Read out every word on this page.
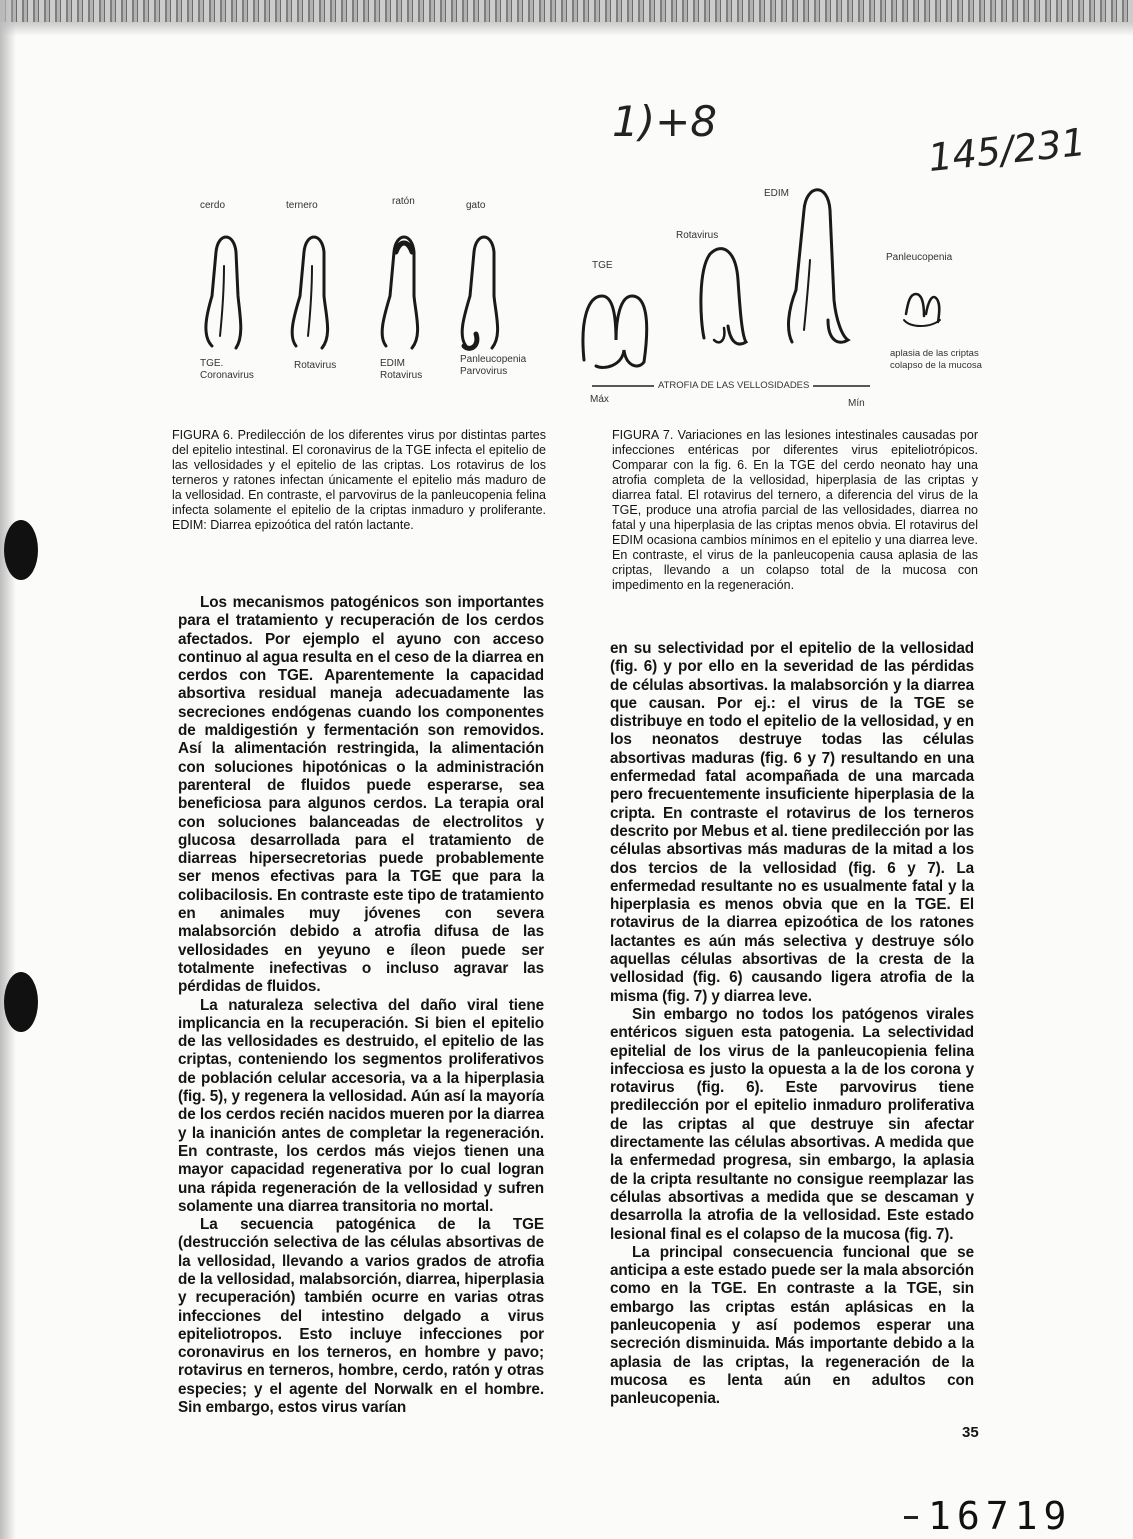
1)+8	145/231
cerdo	ternero	ratón	gato
TGE.
Coronavirus
Rotavirus	EDIM
Rotavirus
Panleucopenia
Parvovirus
EDIM
Rotavirus
TGE
Panleucopenia
aplasia de las criptas
colapso de la mucosa
ATROFIA DE LAS VELLOSIDADES
Máx	Mín
FIGURA 6. Predilección de los diferentes virus por distintas partes del epitelio intestinal. El coronavirus de la TGE infecta el epitelio de las vellosidades y el epitelio de las criptas. Los rotavirus de los terneros y ratones infectan únicamente el epitelio más maduro de la vellosidad. En contraste, el parvovirus de la panleucopenia felina infecta solamente el epitelio de la criptas inmaduro y proliferante. EDIM: Diarrea epizoótica del ratón lactante.
FIGURA 7. Variaciones en las lesiones intestinales causadas por infecciones entéricas por diferentes virus epiteliotrópicos. Comparar con la fig. 6. En la TGE del cerdo neonato hay una atrofia completa de la vellosidad, hiperplasia de las criptas y diarrea fatal. El rotavirus del ternero, a diferencia del virus de la TGE, produce una atrofia parcial de las vellosidades, diarrea no fatal y una hiperplasia de las criptas menos obvia. El rotavirus del EDIM ocasiona cambios mínimos en el epitelio y una diarrea leve. En contraste, el virus de la panleucopenia causa aplasia de las criptas, llevando a un colapso total de la mucosa con impedimento en la regeneración.

Los mecanismos patogénicos son importantes para el tratamiento y recuperación de los cerdos afectados. Por ejemplo el ayuno con acceso continuo al agua resulta en el ceso de la diarrea en cerdos con TGE. Aparentemente la capacidad absortiva residual maneja adecuadamente las secreciones endógenas cuando los componentes de maldigestión y fermentación son removidos. Así la alimentación restringida, la alimentación con soluciones hipotónicas o la administración parenteral de fluidos puede esperarse, sea beneficiosa para algunos cerdos. La terapia oral con soluciones balanceadas de electrolitos y glucosa desarrollada para el tratamiento de diarreas hipersecretorias puede probablemente ser menos efectivas para la TGE que para la colibacilosis. En contraste este tipo de tratamiento en animales muy jóvenes con severa malabsorción debido a atrofia difusa de las vellosidades en yeyuno e íleon puede ser totalmente inefectivas o incluso agravar las pérdidas de fluidos.

La naturaleza selectiva del daño viral tiene implicancia en la recuperación. Si bien el epitelio de las vellosidades es destruido, el epitelio de las criptas, conteniendo los segmentos proliferativos de población celular accesoria, va a la hiperplasia (fig. 5), y regenera la vellosidad. Aún así la mayoría de los cerdos recién nacidos mueren por la diarrea y la inanición antes de completar la regeneración. En contraste, los cerdos más viejos tienen una mayor capacidad regenerativa por lo cual logran una rápida regeneración de la vellosidad y sufren solamente una diarrea transitoria no mortal.

La secuencia patogénica de la TGE (destrucción selectiva de las células absortivas de la vellosidad, llevando a varios grados de atrofia de la vellosidad, malabsorción, diarrea, hiperplasia y recuperación) también ocurre en varias otras infecciones del intestino delgado a virus epiteliotropos. Esto incluye infecciones por coronavirus en los terneros, en hombre y pavo; rotavirus en terneros, hombre, cerdo, ratón y otras especies; y el agente del Norwalk en el hombre. Sin embargo, estos virus varían

en su selectividad por el epitelio de la vellosidad (fig. 6) y por ello en la severidad de las pérdidas de células absortivas. la malabsorción y la diarrea que causan. Por ej.: el virus de la TGE se distribuye en todo el epitelio de la vellosidad, y en los neonatos destruye todas las células absortivas maduras (fig. 6 y 7) resultando en una enfermedad fatal acompañada de una marcada pero frecuentemente insuficiente hiperplasia de la cripta. En contraste el rotavirus de los terneros descrito por Mebus et al. tiene predilección por las células absortivas más maduras de la mitad a los dos tercios de la vellosidad (fig. 6 y 7). La enfermedad resultante no es usualmente fatal y la hiperplasia es menos obvia que en la TGE. El rotavirus de la diarrea epizoótica de los ratones lactantes es aún más selectiva y destruye sólo aquellas células absortivas de la cresta de la vellosidad (fig. 6) causando ligera atrofia de la misma (fig. 7) y diarrea leve.

Sin embargo no todos los patógenos virales entéricos siguen esta patogenia. La selectividad epitelial de los virus de la panleucopienia felina infecciosa es justo la opuesta a la de los corona y rotavirus (fig. 6). Este parvovirus tiene predilección por el epitelio inmaduro proliferativa de las criptas al que destruye sin afectar directamente las células absortivas. A medida que la enfermedad progresa, sin embargo, la aplasia de la cripta resultante no consigue reemplazar las células absortivas a medida que se descaman y desarrolla la atrofia de la vellosidad. Este estado lesional final es el colapso de la mucosa (fig. 7).

La principal consecuencia funcional que se anticipa a este estado puede ser la mala absorción como en la TGE. En contraste a la TGE, sin embargo las criptas están aplásicas en la panleucopenia y así podemos esperar una secreción disminuida. Más importante debido a la aplasia de las criptas, la regeneración de la mucosa es lenta aún en adultos con panleucopenia.

35
16719
